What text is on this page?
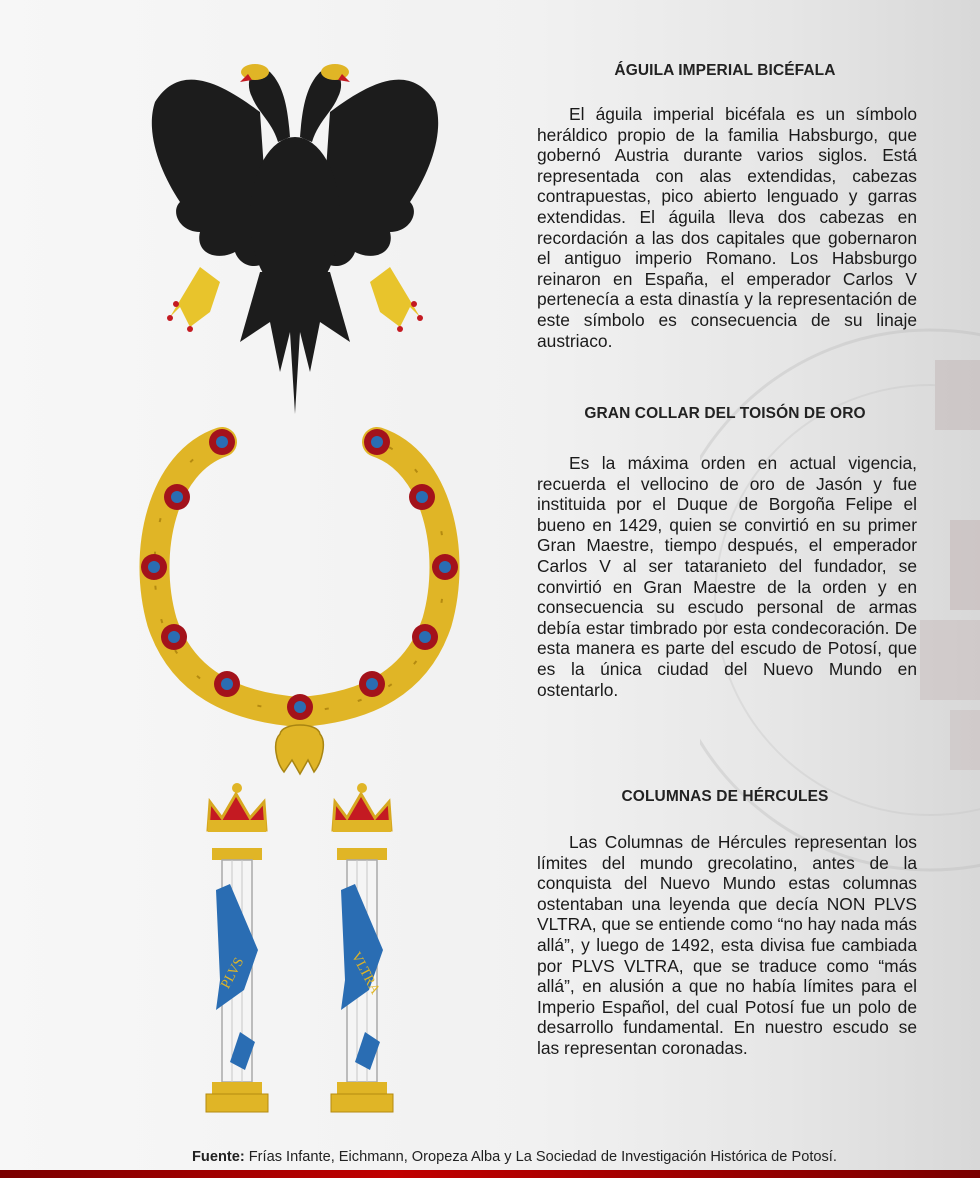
PLVS	VLTRA
ÁGUILA IMPERIAL BICÉFALA
El águila imperial bicéfala es un símbolo heráldico propio de la familia Habsburgo, que gobernó Austria durante varios siglos. Está representada con alas extendidas, cabezas contrapuestas, pico abierto lenguado y garras extendidas. El águila lleva dos cabezas en recordación a las dos capitales que gobernaron el antiguo imperio Romano. Los Habsburgo reinaron en España, el emperador Carlos V pertenecía a esta dinastía y la representación de este símbolo es consecuencia de su linaje austriaco.
GRAN COLLAR DEL TOISÓN DE ORO
Es la máxima orden en actual vigencia, recuerda el vellocino de oro de Jasón y fue instituida por el Duque de Borgoña Felipe el bueno en 1429, quien se convirtió en su primer Gran Maestre, tiempo después, el emperador Carlos V al ser tataranieto del fundador, se convirtió en Gran Maestre de la orden y en consecuencia su escudo personal de armas debía estar timbrado por esta condecoración. De esta manera es parte del escudo de Potosí, que es la única ciudad del Nuevo Mundo en ostentarlo.
COLUMNAS DE HÉRCULES
Las Columnas de Hércules representan los límites del mundo grecolatino, antes de la conquista del Nuevo Mundo estas columnas ostentaban una leyenda que decía NON PLVS VLTRA, que se entiende como “no hay nada más allá”, y luego de 1492, esta divisa fue cambiada por PLVS VLTRA, que se traduce como “más allá”, en alusión a que no había límites para el Imperio Español, del cual Potosí fue un polo de desarrollo fundamental. En nuestro escudo se las representan coronadas.
Fuente: Frías Infante, Eichmann, Oropeza Alba y La Sociedad de Investigación Histórica de Potosí.
